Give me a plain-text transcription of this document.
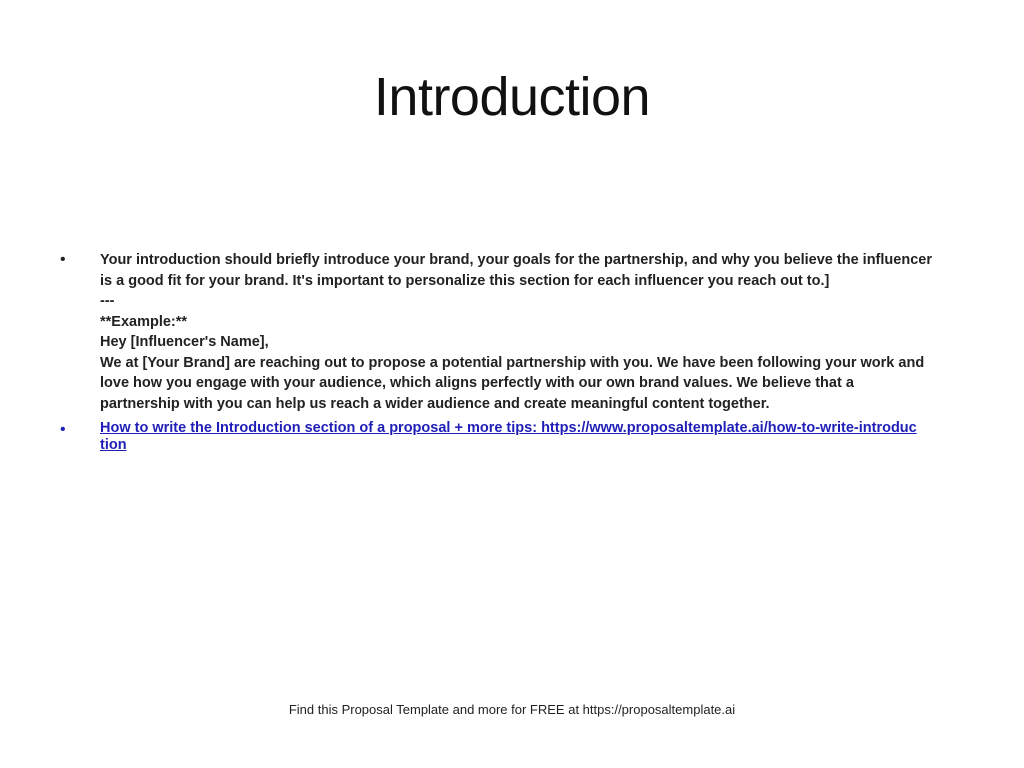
Introduction
• Your introduction should briefly introduce your brand, your goals for the partnership, and why you believe the influencer
is a good fit for your brand. It's important to personalize this section for each influencer you reach out to.]
---
**Example:**
Hey [Influencer's Name],
We at [Your Brand] are reaching out to propose a potential partnership with you. We have been following your work and
love how you engage with your audience, which aligns perfectly with our own brand values. We believe that a
partnership with you can help us reach a wider audience and create meaningful content together.
• How to write the Introduction section of a proposal + more tips: https://www.proposaltemplate.ai/how-to-write-introduc
tion
Find this Proposal Template and more for FREE at https://proposaltemplate.ai
